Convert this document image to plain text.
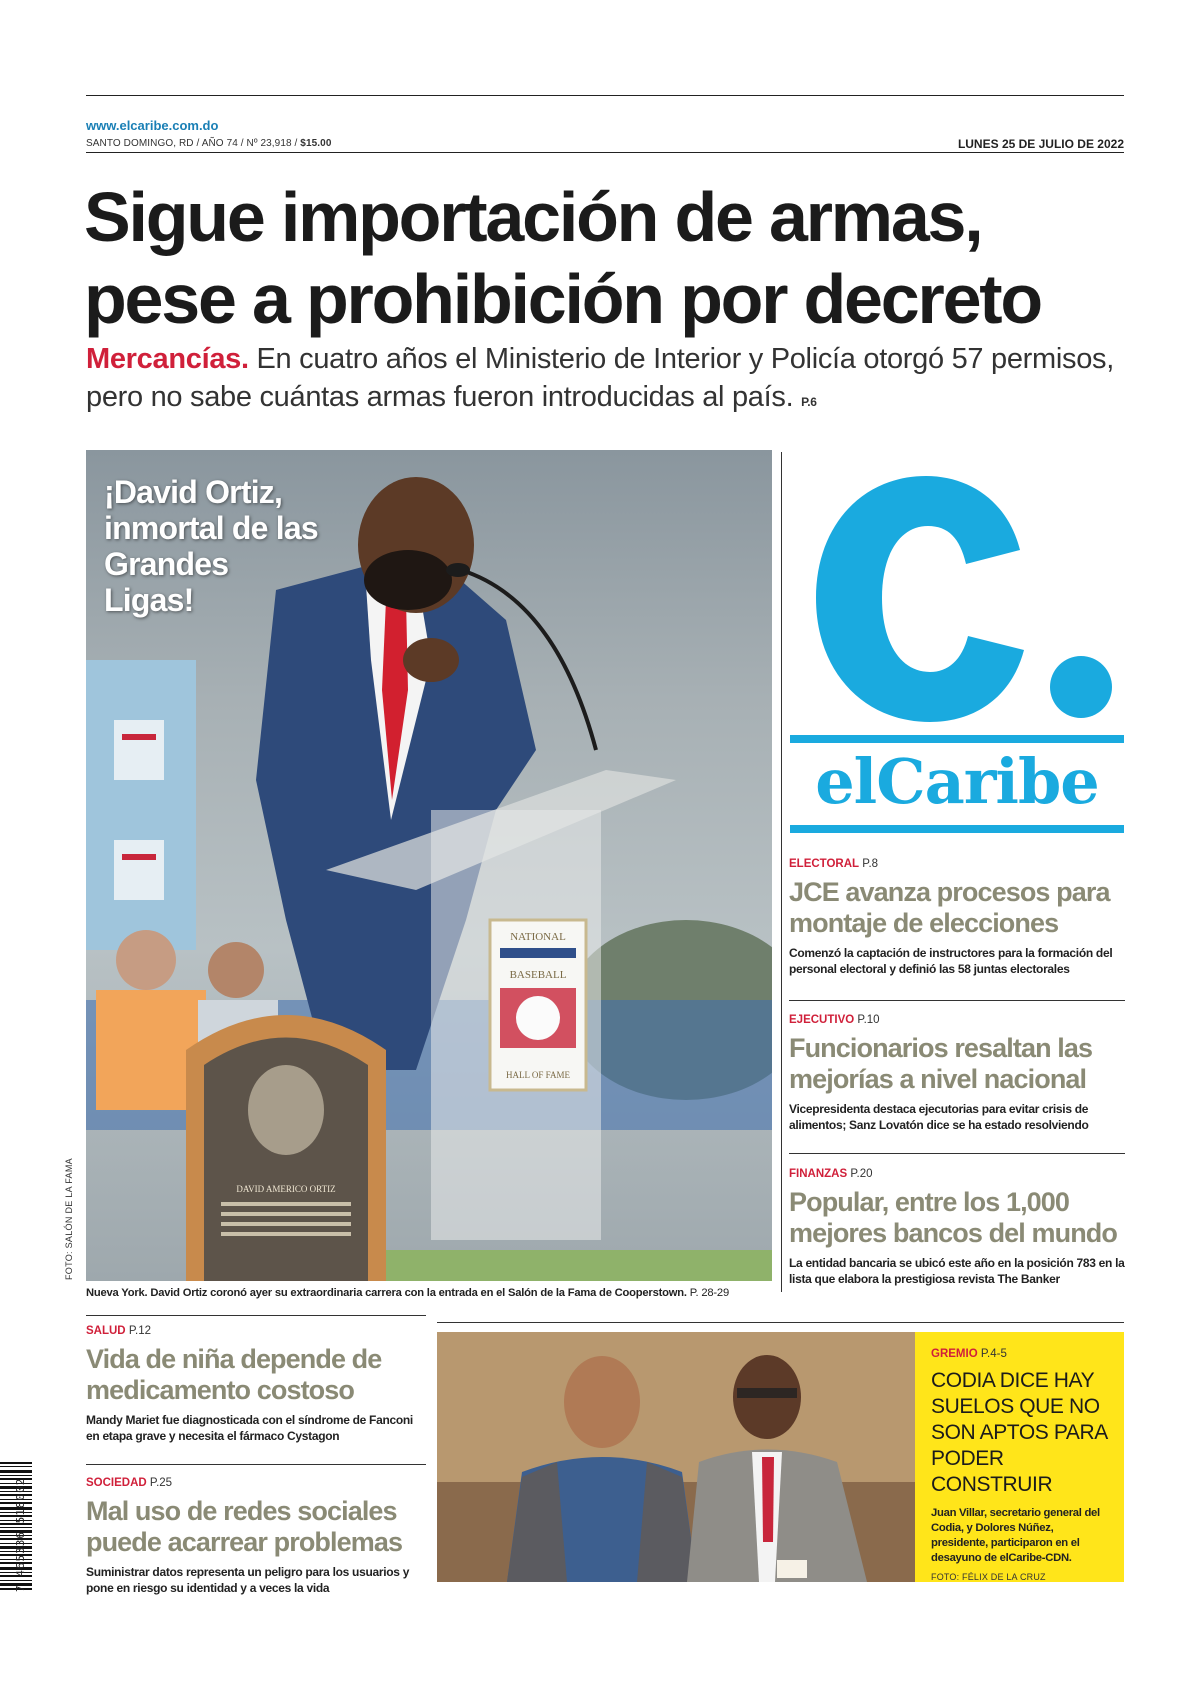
www.elcaribe.com.do
SANTO DOMINGO, RD / AÑO 74 / Nº 23,918 / $15.00	LUNES 25 DE JULIO DE 2022
Sigue importación de armas,
pese a prohibición por decreto
Mercancías. En cuatro años el Ministerio de Interior y Policía otorgó 57 permisos, pero no sabe cuántas armas fueron introducidas al país. P.6
NATIONAL
BASEBALL
HALL OF FAME
DAVID AMERICO ORTIZ
¡David Ortiz, inmortal de las Grandes Ligas!
FOTO: SALÓN DE LA FAMA
Nueva York. David Ortiz coronó ayer su extraordinaria carrera con la entrada en el Salón de la Fama de Cooperstown. P. 28-29
elCaribe
ELECTORAL P.8
JCE avanza procesos para montaje de elecciones
Comenzó la captación de instructores para la formación del personal electoral y definió las 58 juntas electorales
EJECUTIVO P.10
Funcionarios resaltan las mejorías a nivel nacional
Vicepresidenta destaca ejecutorias para evitar crisis de alimentos; Sanz Lovatón dice se ha estado resolviendo
FINANZAS P.20
Popular, entre los 1,000 mejores bancos del mundo
La entidad bancaria se ubicó este año en la posición 783 en la lista que elabora la prestigiosa revista The Banker
SALUD P.12
Vida de niña depende de medicamento costoso
Mandy Mariet fue diagnosticada con el síndrome de Fanconi en etapa grave y necesita el fármaco Cystagon
SOCIEDAD P.25
Mal uso de redes sociales puede acarrear problemas
Suministrar datos representa un peligro para los usuarios y pone en riesgo su identidad y a veces la vida
GREMIO P.4-5
CODIA DICE HAY SUELOS QUE NO SON APTOS PARA PODER CONSTRUIR
Juan Villar, secretario general del Codia, y Dolores Núñez, presidente, participaron en el desayuno de elCaribe-CDN.
FOTO: FÉLIX DE LA CRUZ
7 465336 518002
